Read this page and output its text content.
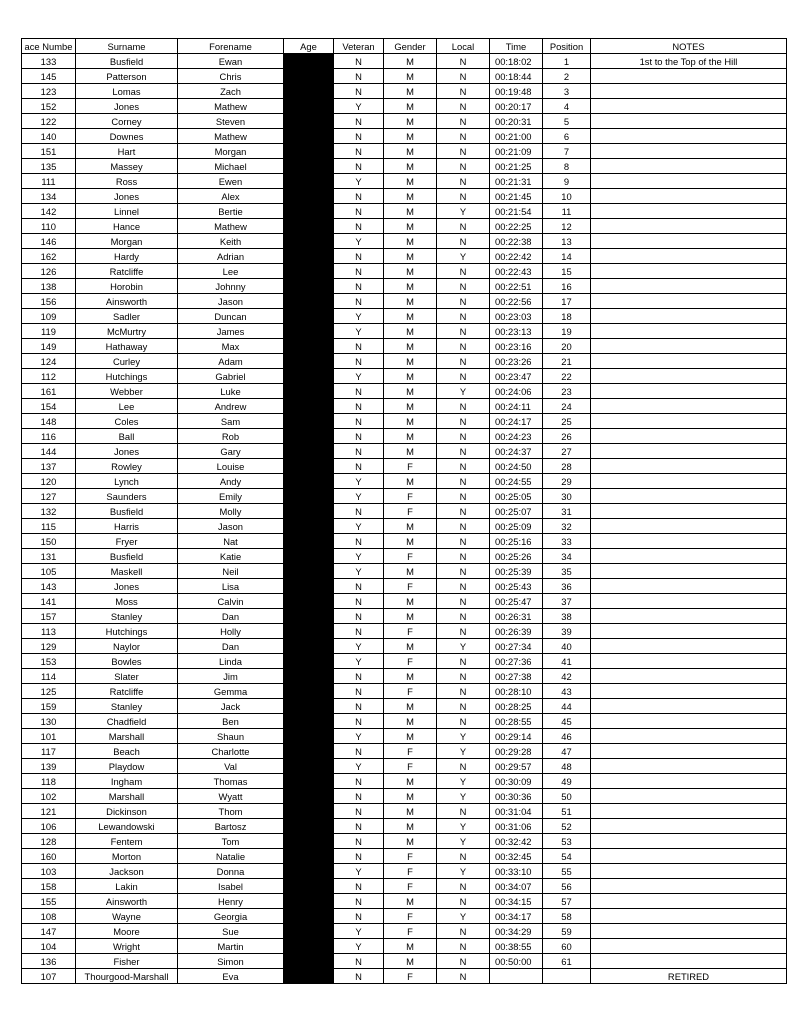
ace Numbe	Surname	Forename	Age	Veteran	Gender	Local	Time	Position	NOTES
133	Busfield	Ewan		N	M	N	00:18:02	1	1st to the Top of the Hill
145	Patterson	Chris		N	M	N	00:18:44	2	
123	Lomas	Zach		N	M	N	00:19:48	3	
152	Jones	Mathew		Y	M	N	00:20:17	4	
122	Corney	Steven		N	M	N	00:20:31	5	
140	Downes	Mathew		N	M	N	00:21:00	6	
151	Hart	Morgan		N	M	N	00:21:09	7	
135	Massey	Michael		N	M	N	00:21:25	8	
111	Ross	Ewen		Y	M	N	00:21:31	9	
134	Jones	Alex		N	M	N	00:21:45	10	
142	Linnel	Bertie		N	M	Y	00:21:54	11	
110	Hance	Mathew		N	M	N	00:22:25	12	
146	Morgan	Keith		Y	M	N	00:22:38	13	
162	Hardy	Adrian		N	M	Y	00:22:42	14	
126	Ratcliffe	Lee		N	M	N	00:22:43	15	
138	Horobin	Johnny		N	M	N	00:22:51	16	
156	Ainsworth	Jason		N	M	N	00:22:56	17	
109	Sadler	Duncan		Y	M	N	00:23:03	18	
119	McMurtry	James		Y	M	N	00:23:13	19	
149	Hathaway	Max		N	M	N	00:23:16	20	
124	Curley	Adam		N	M	N	00:23:26	21	
112	Hutchings	Gabriel		Y	M	N	00:23:47	22	
161	Webber	Luke		N	M	Y	00:24:06	23	
154	Lee	Andrew		N	M	N	00:24:11	24	
148	Coles	Sam		N	M	N	00:24:17	25	
116	Ball	Rob		N	M	N	00:24:23	26	
144	Jones	Gary		N	M	N	00:24:37	27	
137	Rowley	Louise		N	F	N	00:24:50	28	
120	Lynch	Andy		Y	M	N	00:24:55	29	
127	Saunders	Emily		Y	F	N	00:25:05	30	
132	Busfield	Molly		N	F	N	00:25:07	31	
115	Harris	Jason		Y	M	N	00:25:09	32	
150	Fryer	Nat		N	M	N	00:25:16	33	
131	Busfield	Katie		Y	F	N	00:25:26	34	
105	Maskell	Neil		Y	M	N	00:25:39	35	
143	Jones	Lisa		N	F	N	00:25:43	36	
141	Moss	Calvin		N	M	N	00:25:47	37	
157	Stanley	Dan		N	M	N	00:26:31	38	
113	Hutchings	Holly		N	F	N	00:26:39	39	
129	Naylor	Dan		Y	M	Y	00:27:34	40	
153	Bowles	Linda		Y	F	N	00:27:36	41	
114	Slater	Jim		N	M	N	00:27:38	42	
125	Ratcliffe	Gemma		N	F	N	00:28:10	43	
159	Stanley	Jack		N	M	N	00:28:25	44	
130	Chadfield	Ben		N	M	N	00:28:55	45	
101	Marshall	Shaun		Y	M	Y	00:29:14	46	
117	Beach	Charlotte		N	F	Y	00:29:28	47	
139	Playdow	Val		Y	F	N	00:29:57	48	
118	Ingham	Thomas		N	M	Y	00:30:09	49	
102	Marshall	Wyatt		N	M	Y	00:30:36	50	
121	Dickinson	Thom		N	M	N	00:31:04	51	
106	Lewandowski	Bartosz		N	M	Y	00:31:06	52	
128	Fentem	Tom		N	M	Y	00:32:42	53	
160	Morton	Natalie		N	F	N	00:32:45	54	
103	Jackson	Donna		Y	F	Y	00:33:10	55	
158	Lakin	Isabel		N	F	N	00:34:07	56	
155	Ainsworth	Henry		N	M	N	00:34:15	57	
108	Wayne	Georgia		N	F	Y	00:34:17	58	
147	Moore	Sue		Y	F	N	00:34:29	59	
104	Wright	Martin		Y	M	N	00:38:55	60	
136	Fisher	Simon		N	M	N	00:50:00	61	
107	Thourgood-Marshall	Eva		N	F	N			RETIRED
